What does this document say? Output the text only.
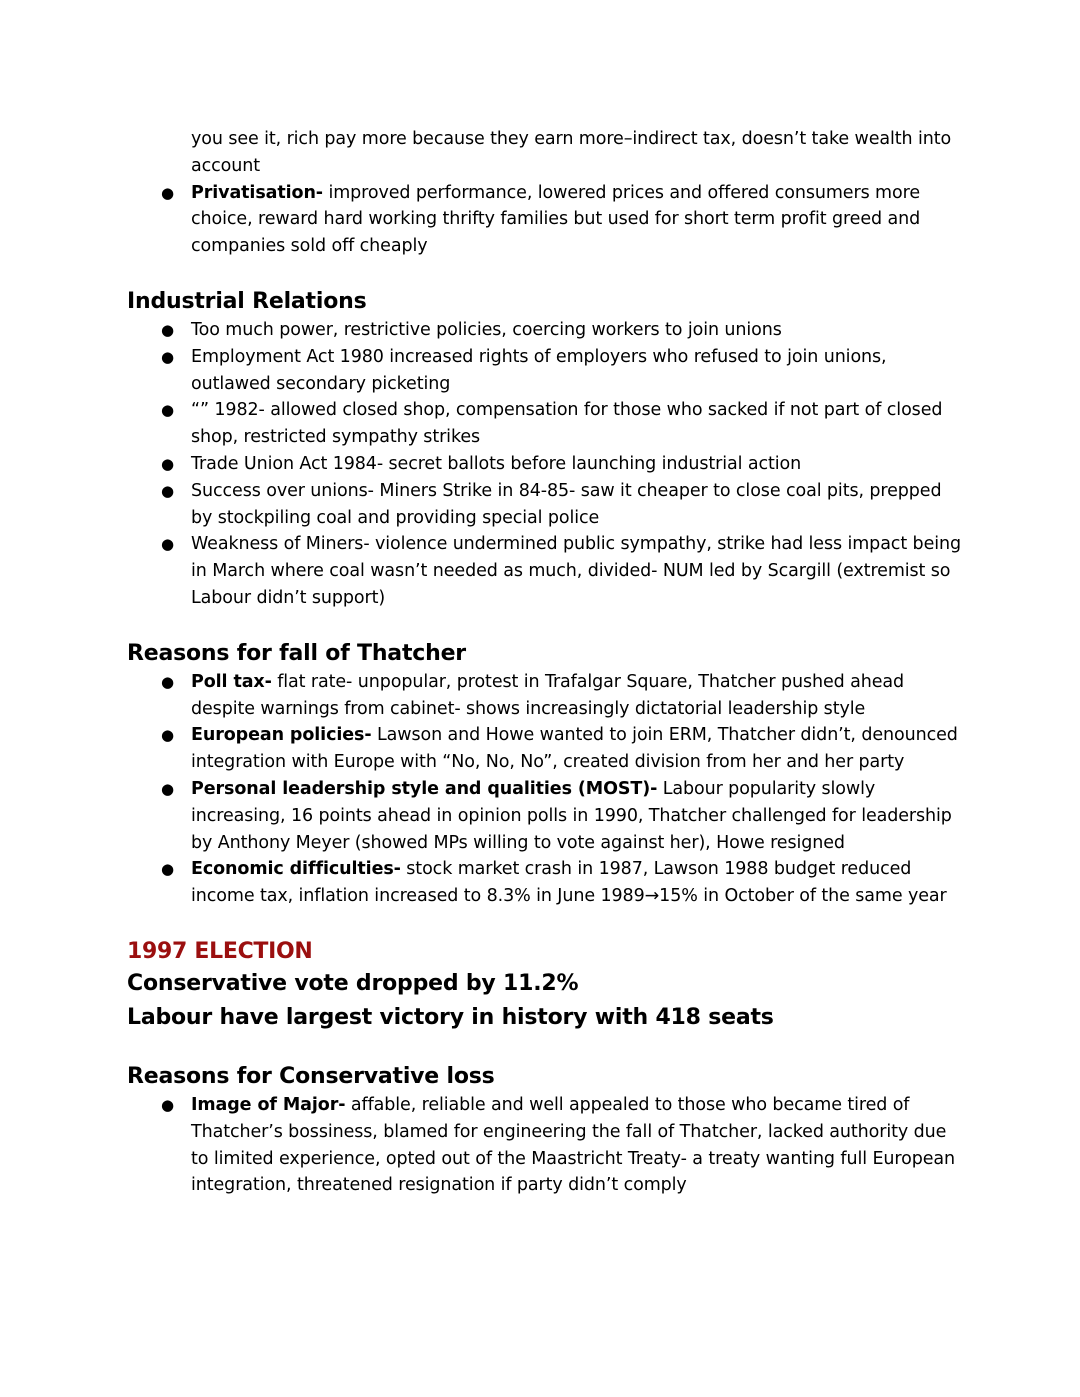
you see it, rich pay more because they earn more–indirect tax, doesn’t take wealth into account
● Privatisation- improved performance, lowered prices and offered consumers more choice, reward hard working thrifty families but used for short term profit greed and companies sold off cheaply
Industrial Relations
● Too much power, restrictive policies, coercing workers to join unions
● Employment Act 1980 increased rights of employers who refused to join unions, outlawed secondary picketing
● “” 1982- allowed closed shop, compensation for those who sacked if not part of closed shop, restricted sympathy strikes
● Trade Union Act 1984- secret ballots before launching industrial action
● Success over unions- Miners Strike in 84-85- saw it cheaper to close coal pits, prepped by stockpiling coal and providing special police
● Weakness of Miners- violence undermined public sympathy, strike had less impact being in March where coal wasn’t needed as much, divided- NUM led by Scargill (extremist so Labour didn’t support)
Reasons for fall of Thatcher
● Poll tax- flat rate- unpopular, protest in Trafalgar Square, Thatcher pushed ahead despite warnings from cabinet- shows increasingly dictatorial leadership style
● European policies- Lawson and Howe wanted to join ERM, Thatcher didn’t, denounced integration with Europe with “No, No, No”, created division from her and her party
● Personal leadership style and qualities (MOST)- Labour popularity slowly increasing, 16 points ahead in opinion polls in 1990, Thatcher challenged for leadership by Anthony Meyer (showed MPs willing to vote against her), Howe resigned
● Economic difficulties- stock market crash in 1987, Lawson 1988 budget reduced income tax, inflation increased to 8.3% in June 1989→15% in October of the same year
1997 ELECTION
Conservative vote dropped by 11.2%
Labour have largest victory in history with 418 seats
Reasons for Conservative loss
● Image of Major- affable, reliable and well appealed to those who became tired of Thatcher’s bossiness, blamed for engineering the fall of Thatcher, lacked authority due to limited experience, opted out of the Maastricht Treaty- a treaty wanting full European integration, threatened resignation if party didn’t comply
